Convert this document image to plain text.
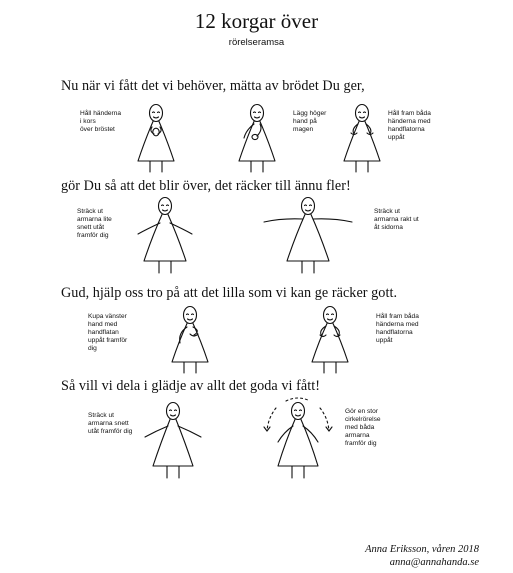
12 korgar över
rörelseramsa
Nu när vi fått det vi behöver, mätta av brödet Du ger,
Håll händerna
i kors
över bröstet
Lägg höger
hand på
magen
Håll fram båda
händerna med
handflatorna
uppåt
gör Du så att det blir över, det räcker till ännu fler!
Sträck ut
armarna lite
snett utåt
framför dig
Sträck ut
armarna rakt ut
åt sidorna
Gud, hjälp oss tro på att det lilla som vi kan ge räcker gott.
Kupa vänster
hand med
handflatan
uppåt framför
dig
Håll fram båda
händerna med
handflatorna
uppåt
Så vill vi dela i glädje av allt det goda vi fått!
Sträck ut
armarna snett
utåt framför dig
Gör en stor
cirkelrörelse
med båda
armarna
framför dig
Anna Eriksson, våren 2018
anna@annahanda.se
